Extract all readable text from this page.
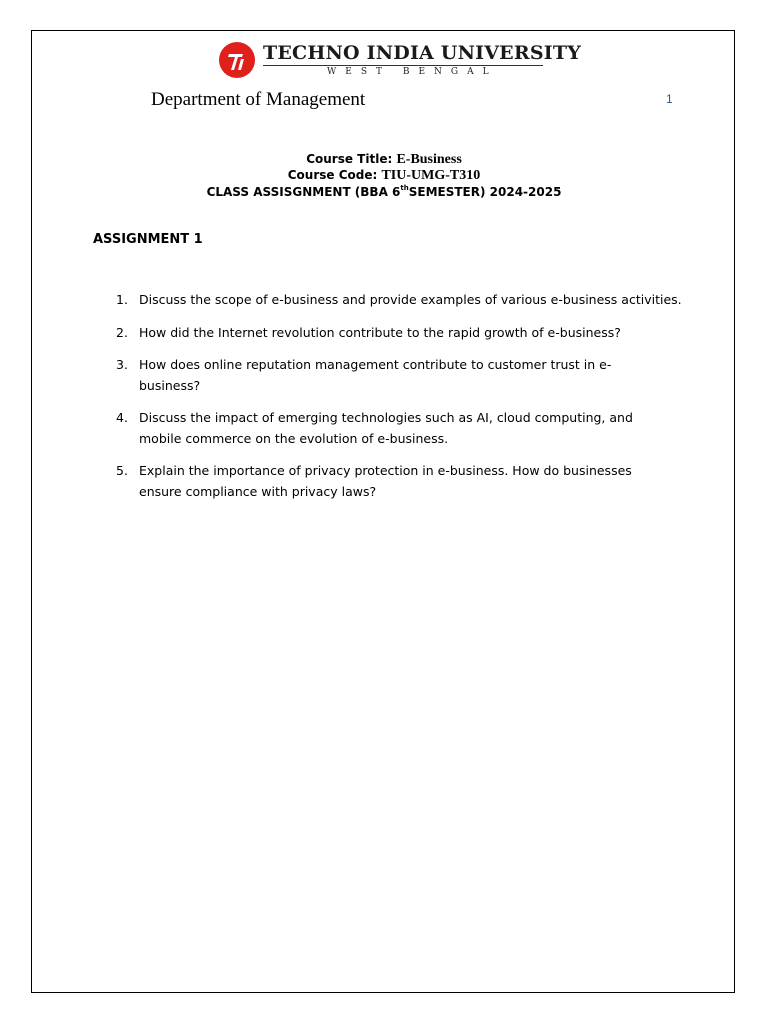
TECHNO INDIA UNIVERSITY
WEST BENGAL
Department of Management	1
Course Title: E-Business
Course Code: TIU-UMG-T310
CLASS ASSISGNMENT (BBA 6thSEMESTER) 2024-2025
ASSIGNMENT 1
1. Discuss the scope of e-business and provide examples of various e-business activities.
2. How did the Internet revolution contribute to the rapid growth of e-business?
3. How does online reputation management contribute to customer trust in e-business?
4. Discuss the impact of emerging technologies such as AI, cloud computing, and mobile commerce on the evolution of e-business.
5. Explain the importance of privacy protection in e-business. How do businesses ensure compliance with privacy laws?
